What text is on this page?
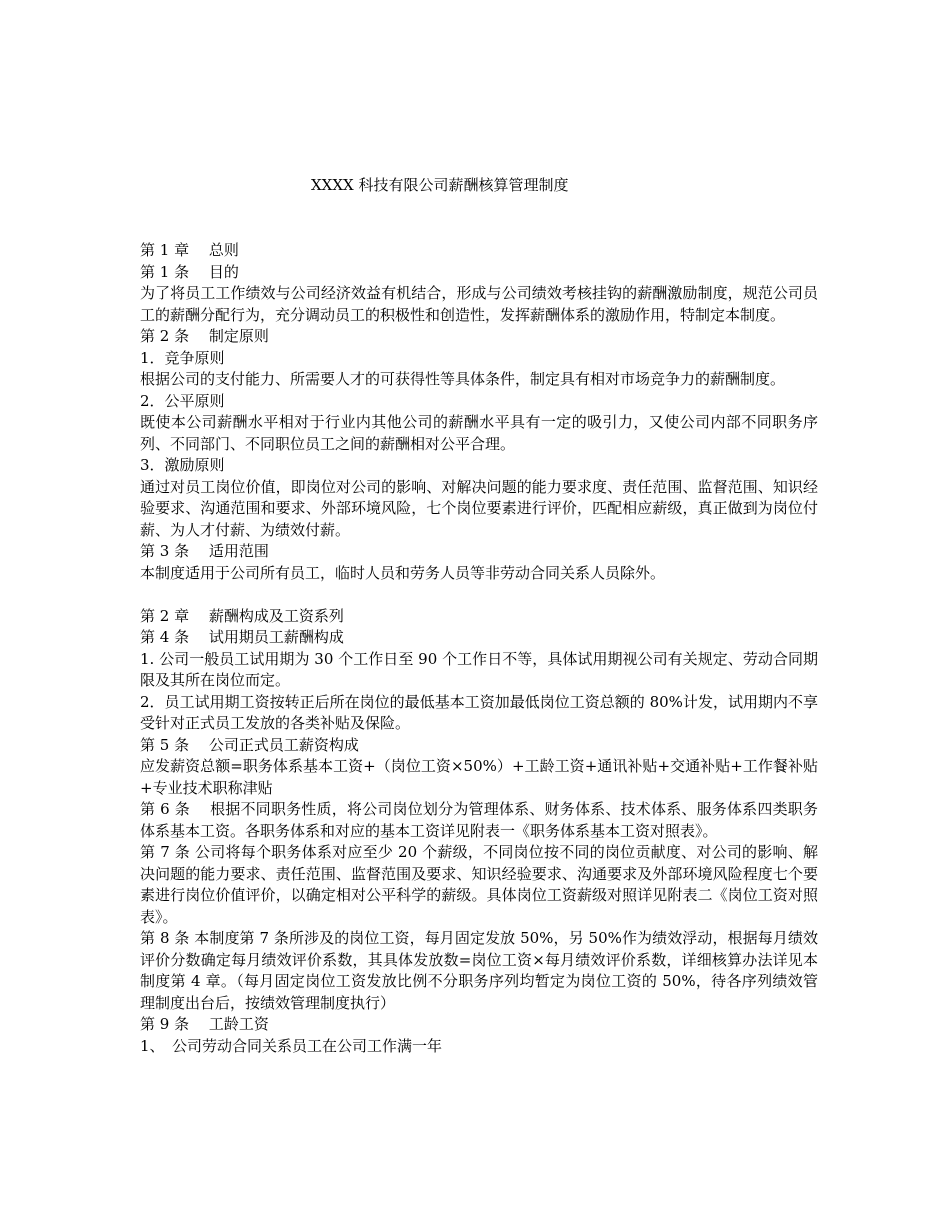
XXXX 科技有限公司薪酬核算管理制度

第 1 章　 总则

第 1 条　 目的

为了将员工工作绩效与公司经济效益有机结合，形成与公司绩效考核挂钩的薪酬激励制度，规范公司员工的薪酬分配行为，充分调动员工的积极性和创造性，发挥薪酬体系的激励作用，特制定本制度。

第 2 条　 制定原则

1．竞争原则

根据公司的支付能力、所需要人才的可获得性等具体条件，制定具有相对市场竞争力的薪酬制度。

2．公平原则

既使本公司薪酬水平相对于行业内其他公司的薪酬水平具有一定的吸引力，又使公司内部不同职务序列、不同部门、不同职位员工之间的薪酬相对公平合理。

3．激励原则

通过对员工岗位价值，即岗位对公司的影响、对解决问题的能力要求度、责任范围、监督范围、知识经验要求、沟通范围和要求、外部环境风险，七个岗位要素进行评价，匹配相应薪级，真正做到为岗位付薪、为人才付薪、为绩效付薪。

第 3 条　 适用范围

本制度适用于公司所有员工，临时人员和劳务人员等非劳动合同关系人员除外。

第 2 章　 薪酬构成及工资系列

第 4 条　 试用期员工薪酬构成

1. 公司一般员工试用期为 30 个工作日至 90 个工作日不等，具体试用期视公司有关规定、劳动合同期限及其所在岗位而定。

2．员工试用期工资按转正后所在岗位的最低基本工资加最低岗位工资总额的 80%计发，试用期内不享受针对正式员工发放的各类补贴及保险。

第 5 条　 公司正式员工薪资构成

应发薪资总额=职务体系基本工资+（岗位工资×50%）+工龄工资+通讯补贴+交通补贴+工作餐补贴+专业技术职称津贴

第 6 条　 根据不同职务性质，将公司岗位划分为管理体系、财务体系、技术体系、服务体系四类职务体系基本工资。各职务体系和对应的基本工资详见附表一《职务体系基本工资对照表》。

第 7 条 公司将每个职务体系对应至少 20 个薪级，不同岗位按不同的岗位贡献度、对公司的影响、解决问题的能力要求、责任范围、监督范围及要求、知识经验要求、沟通要求及外部环境风险程度七个要素进行岗位价值评价，以确定相对公平科学的薪级。具体岗位工资薪级对照详见附表二《岗位工资对照表》。

第 8 条 本制度第 7 条所涉及的岗位工资，每月固定发放 50%，另 50%作为绩效浮动，根据每月绩效评价分数确定每月绩效评价系数，其具体发放数=岗位工资×每月绩效评价系数，详细核算办法详见本制度第 4 章。（每月固定岗位工资发放比例不分职务序列均暂定为岗位工资的 50%，待各序列绩效管理制度出台后，按绩效管理制度执行）

第 9 条　 工龄工资

1、　公司劳动合同关系员工在公司工作满一年
